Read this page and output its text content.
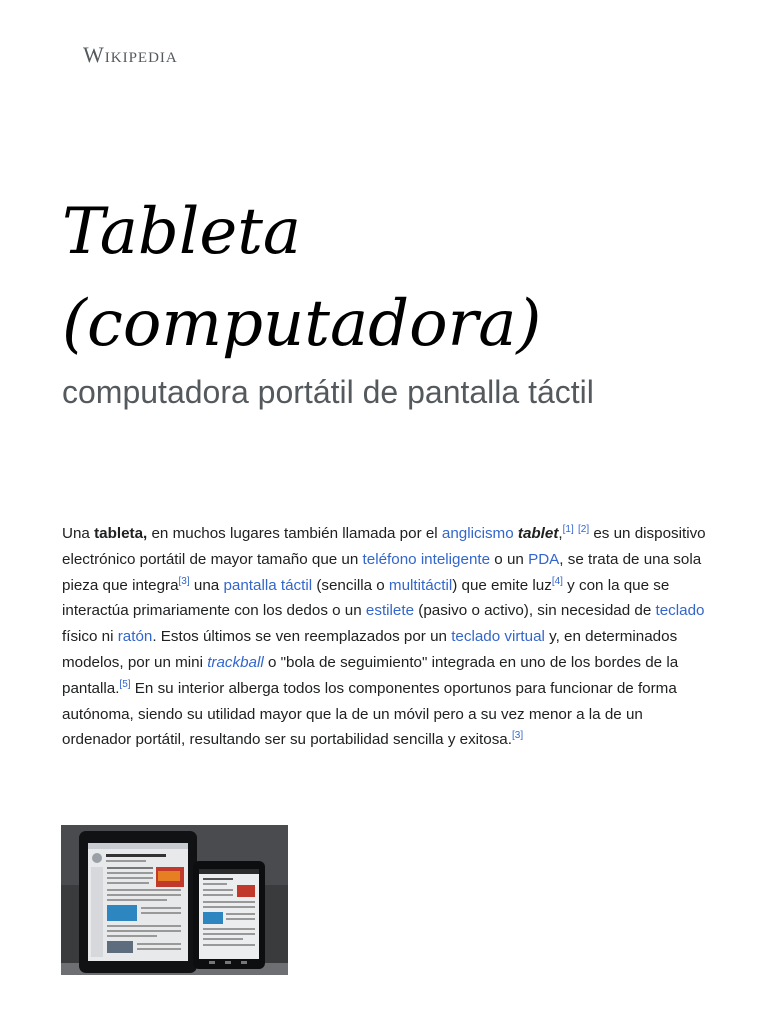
Wikipedia
Tableta
(computadora)
computadora portátil de pantalla táctil

Una tableta, en muchos lugares también llamada por el anglicismo tablet,[1] [2] es un dispositivo electrónico portátil de mayor tamaño que un teléfono inteligente o un PDA, se trata de una sola pieza que integra[3] una pantalla táctil (sencilla o multitáctil) que emite luz[4] y con la que se interactúa primariamente con los dedos o un estilete (pasivo o activo), sin necesidad de teclado físico ni ratón. Estos últimos se ven reemplazados por un teclado virtual y, en determinados modelos, por un mini trackball o "bola de seguimiento" integrada en uno de los bordes de la pantalla.[5] En su interior alberga todos los componentes oportunos para funcionar de forma autónoma, siendo su utilidad mayor que la de un móvil pero a su vez menor a la de un ordenador portátil, resultando ser su portabilidad sencilla y exitosa.[3]
